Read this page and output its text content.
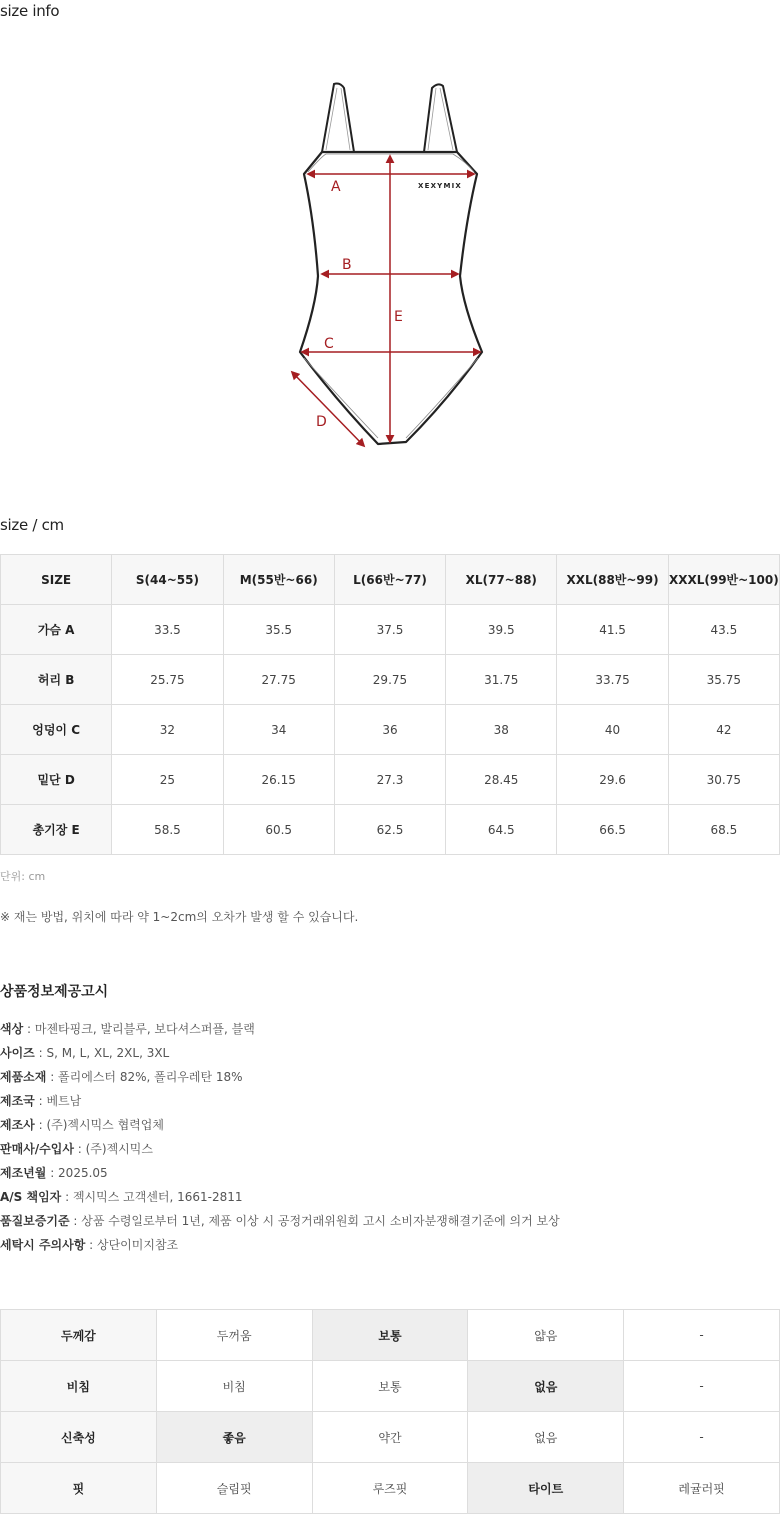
size info
XEXYMIX
A
B
C
D
E
size / cm
SIZE	S(44~55)	M(55반~66)	L(66반~77)	XL(77~88)	XXL(88반~99)	XXXL(99반~100)
가슴 A	33.5	35.5	37.5	39.5	41.5	43.5
허리 B	25.75	27.75	29.75	31.75	33.75	35.75
엉덩이 C	32	34	36	38	40	42
밑단 D	25	26.15	27.3	28.45	29.6	30.75
총기장 E	58.5	60.5	62.5	64.5	66.5	68.5

단위: cm

※ 재는 방법, 위치에 따라 약 1~2cm의 오차가 발생 할 수 있습니다.

상품정보제공고시
색상 : 마젠타핑크, 발리블루, 보다셔스퍼플, 블랙
사이즈 : S, M, L, XL, 2XL, 3XL
제품소재 : 폴리에스터 82%, 폴리우레탄 18%
제조국 : 베트남
제조사 : (주)젝시믹스 협력업체
판매사/수입사 : (주)젝시믹스
제조년월 : 2025.05
A/S 책임자 : 젝시믹스 고객센터, 1661-2811
품질보증기준 : 상품 수령일로부터 1년, 제품 이상 시 공정거래위원회 고시 소비자분쟁해결기준에 의거 보상
세탁시 주의사항 : 상단이미지참조
두께감	두꺼움	보통	얇음	-
비침	비침	보통	없음	-
신축성	좋음	약간	없음	-
핏	슬림핏	루즈핏	타이트	레귤러핏
